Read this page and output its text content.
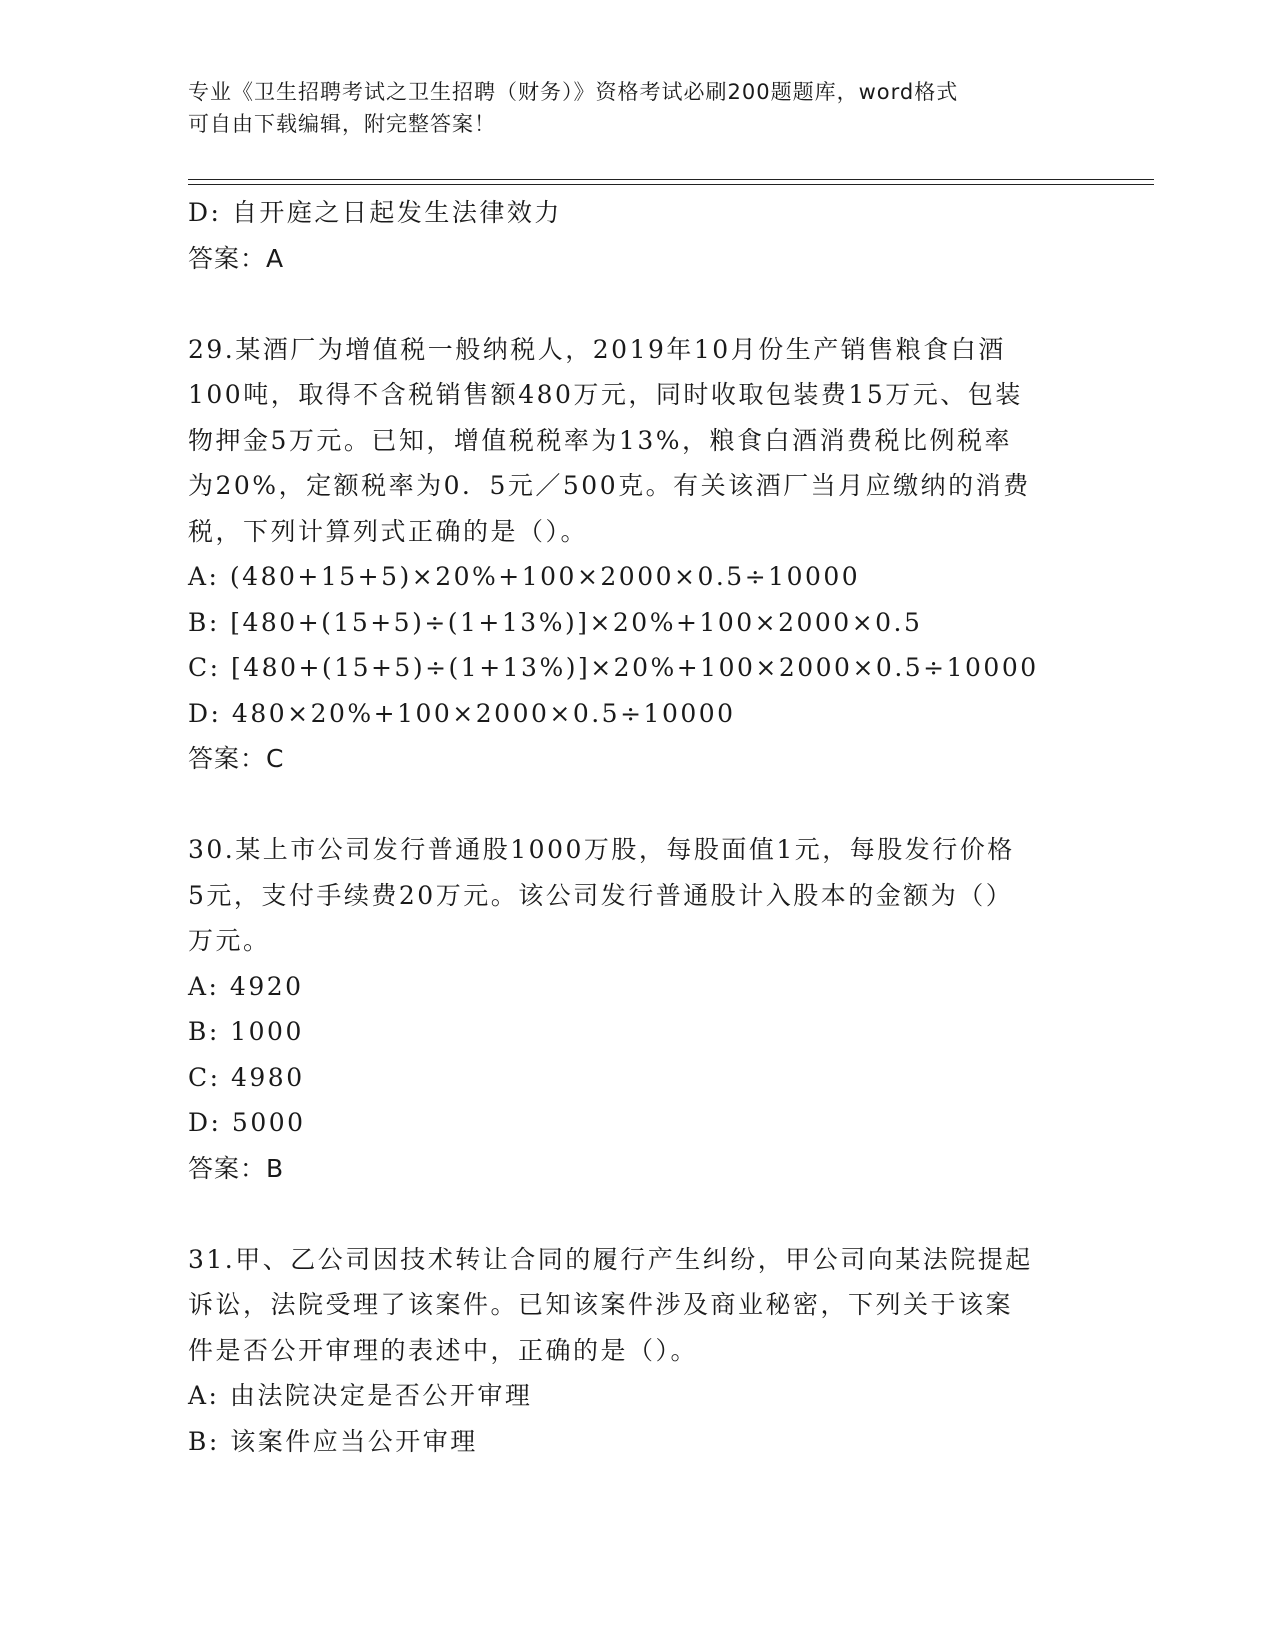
专业《卫生招聘考试之卫生招聘（财务）》资格考试必刷200题题库，word格式
可自由下载编辑，附完整答案！
D: 自开庭之日起发生法律效力
答案：A
29.某酒厂为增值税一般纳税人，2019年10月份生产销售粮食白酒
100吨，取得不含税销售额480万元，同时收取包装费15万元、包装
物押金5万元。已知，增值税税率为13%，粮食白酒消费税比例税率
为20%，定额税率为0．5元／500克。有关该酒厂当月应缴纳的消费
税，下列计算列式正确的是（）。
A: (480+15+5)×20%+100×2000×0.5÷10000
B: [480+(15+5)÷(1+13%)]×20%+100×2000×0.5
C: [480+(15+5)÷(1+13%)]×20%+100×2000×0.5÷10000
D: 480×20%+100×2000×0.5÷10000
答案：C
30.某上市公司发行普通股1000万股，每股面值1元，每股发行价格
5元，支付手续费20万元。该公司发行普通股计入股本的金额为（）
万元。
A: 4920
B: 1000
C: 4980
D: 5000
答案：B
31.甲、乙公司因技术转让合同的履行产生纠纷，甲公司向某法院提起
诉讼，法院受理了该案件。已知该案件涉及商业秘密，下列关于该案
件是否公开审理的表述中，正确的是（）。
A: 由法院决定是否公开审理
B: 该案件应当公开审理
